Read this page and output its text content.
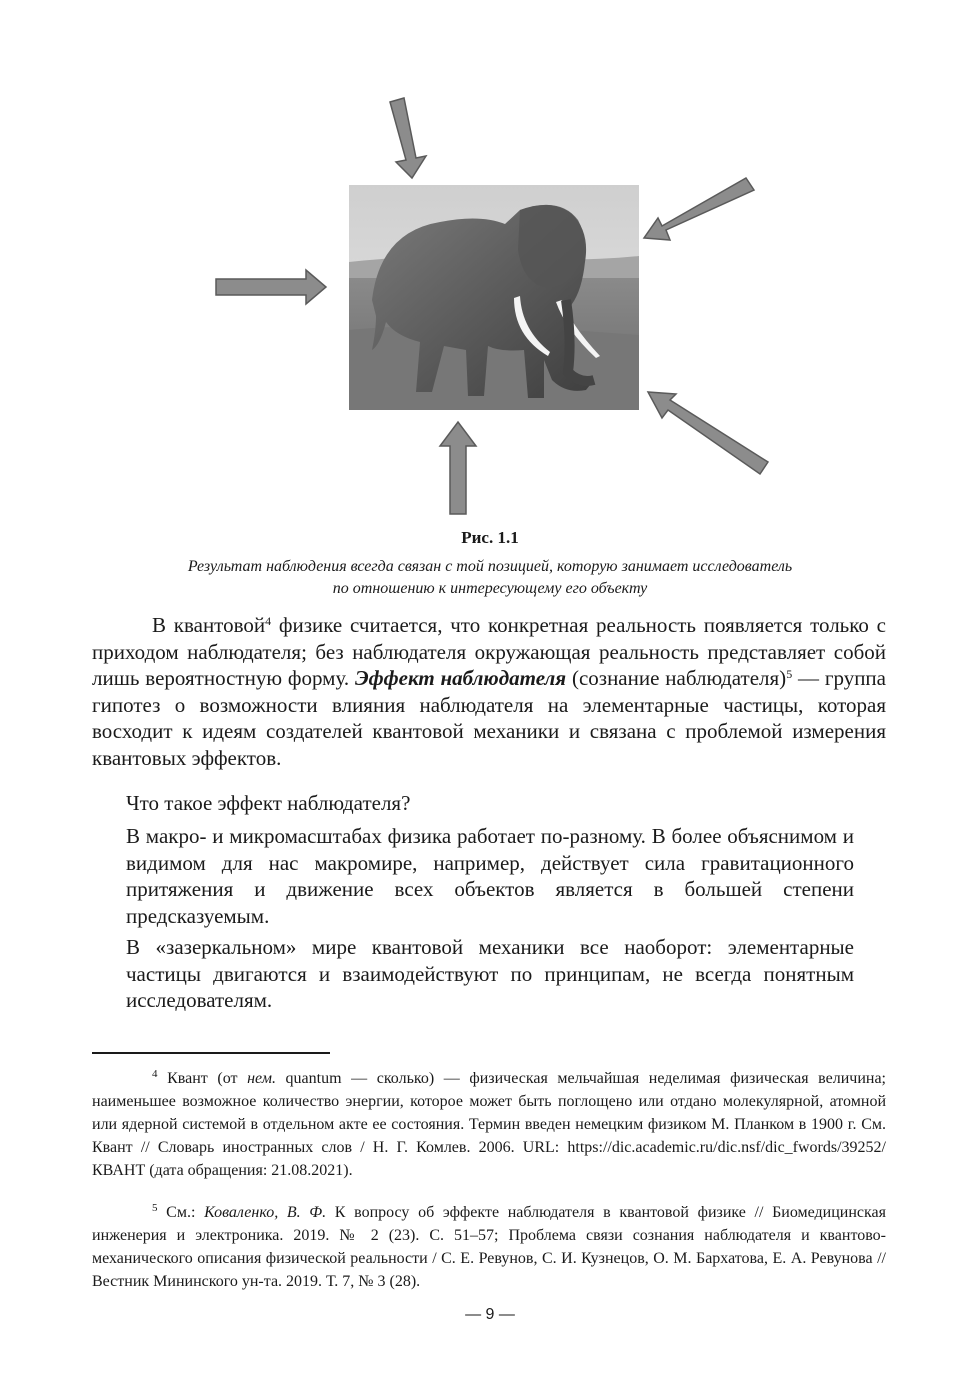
Рис. 1.1
Результат наблюдения всегда связан с той позицией, которую занимает исследователь
по отношению к интересующему его объекту

В квантовой$^4$ физике считается, что конкретная реальность появляется только с приходом наблюдателя; без наблюдателя окружающая реальность представляет собой лишь вероятностную форму. Эффект наблюдателя (сознание наблюдателя)$^5$ — группа гипотез о возможности влияния наблюдателя на элементарные частицы, которая восходит к идеям создателей квантовой механики и связана с проблемой измерения квантовых эффектов.

Что такое эффект наблюдателя?

В макро- и микромасштабах физика работает по-разному. В более объяснимом и видимом для нас макромире, например, действует сила гравитационного притяжения и движение всех объектов является в большей степени предсказуемым.

В «зазеркальном» мире квантовой механики все наоборот: элементарные частицы двигаются и взаимодействуют по принципам, не всегда понятным исследователям.

$^4$ Квант (от нем. quantum — сколько) — физическая мельчайшая неделимая физическая величина; наименьшее возможное количество энергии, которое может быть поглощено или отдано молекулярной, атомной или ядерной системой в отдельном акте ее состояния. Термин введен немецким физиком М. Планком в 1900 г. См. Квант // Словарь иностранных слов / Н. Г. Комлев. 2006. URL: https://dic.academic.ru/dic.nsf/dic_fwords/39252/КВАНТ (дата обращения: 21.08.2021).

$^5$ См.: Коваленко, В. Ф. К вопросу об эффекте наблюдателя в квантовой физике // Биомедицинская инженерия и электроника. 2019. № 2 (23). С. 51–57; Проблема связи сознания наблюдателя и квантово-механического описания физической реальности / С. Е. Ревунов, С. И. Кузнецов, О. М. Бархатова, Е. А. Ревунова // Вестник Мининского ун-та. 2019. Т. 7, № 3 (28).

— 9 —
